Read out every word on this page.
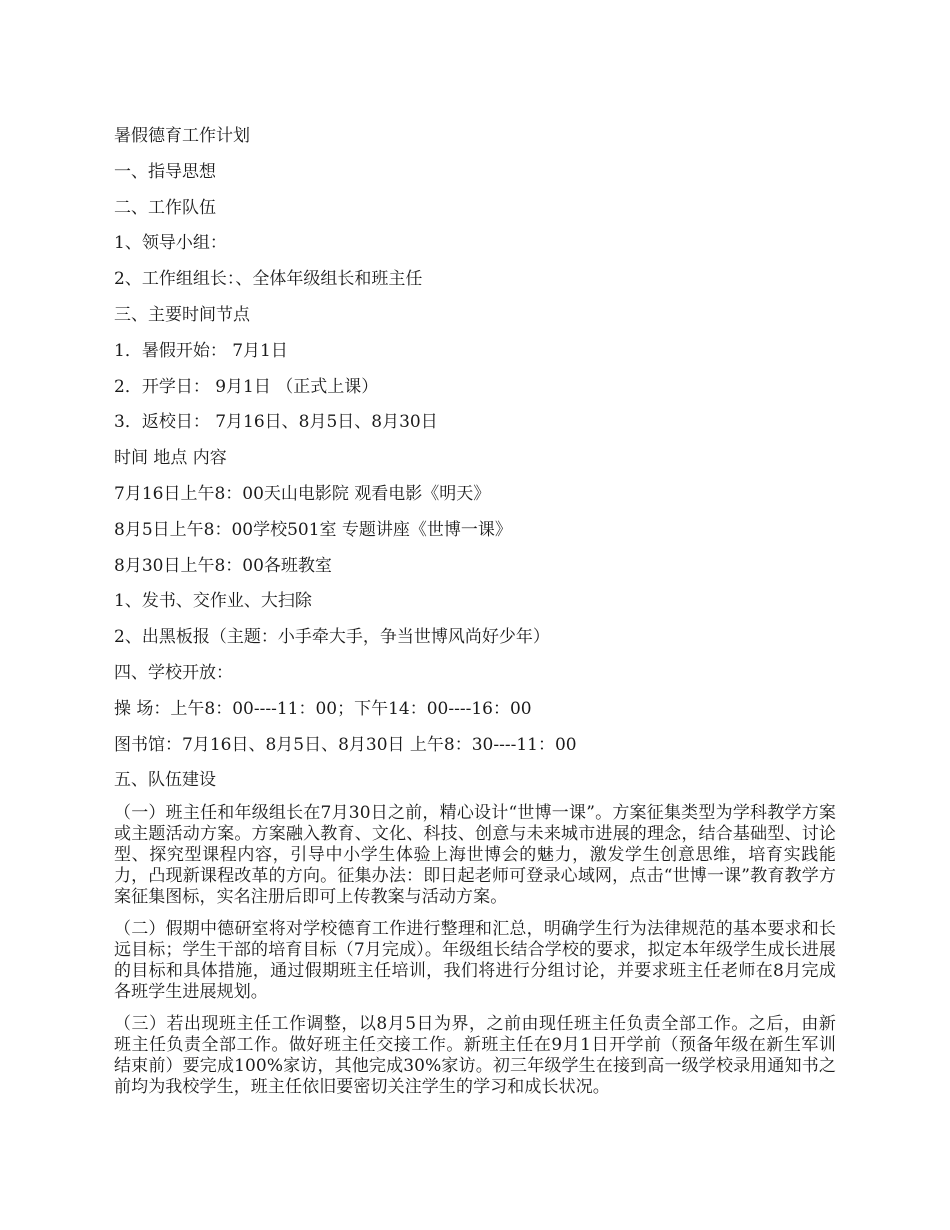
暑假德育工作计划
一、指导思想
二、工作队伍
1、领导小组：
2、工作组组长：、全体年级组长和班主任
三、主要时间节点
1．暑假开始： 7月1日
2．开学日： 9月1日 （正式上课）
3．返校日： 7月16日、8月5日、8月30日
时间 地点 内容
7月16日上午8：00天山电影院 观看电影《明天》
8月5日上午8：00学校501室 专题讲座《世博一课》
8月30日上午8：00各班教室
1、发书、交作业、大扫除
2、出黑板报（主题：小手牵大手，争当世博风尚好少年）
四、学校开放：
操 场：上午8：00----11：00；下午14：00----16：00
图书馆：7月16日、8月5日、8月30日 上午8：30----11：00
五、队伍建设

（一）班主任和年级组长在7月30日之前，精心设计“世博一课”。方案征集类型为学科教学方案或主题活动方案。方案融入教育、文化、科技、创意与未来城市进展的理念，结合基础型、讨论型、探究型课程内容，引导中小学生体验上海世博会的魅力，激发学生创意思维，培育实践能力，凸现新课程改革的方向。征集办法：即日起老师可登录心域网，点击“世博一课”教育教学方案征集图标，实名注册后即可上传教案与活动方案。

（二）假期中德研室将对学校德育工作进行整理和汇总，明确学生行为法律规范的基本要求和长远目标；学生干部的培育目标（7月完成）。年级组长结合学校的要求，拟定本年级学生成长进展的目标和具体措施，通过假期班主任培训，我们将进行分组讨论，并要求班主任老师在8月完成各班学生进展规划。

（三）若出现班主任工作调整，以8月5日为界，之前由现任班主任负责全部工作。之后，由新班主任负责全部工作。做好班主任交接工作。新班主任在9月1日开学前（预备年级在新生军训结束前）要完成100%家访，其他完成30%家访。初三年级学生在接到高一级学校录用通知书之前均为我校学生，班主任依旧要密切关注学生的学习和成长状况。
